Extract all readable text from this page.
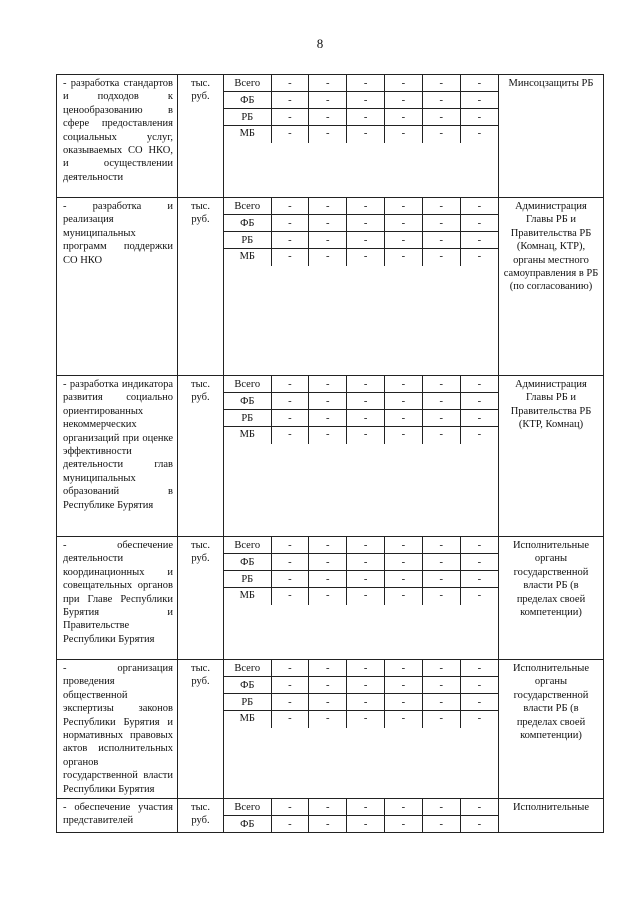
8
- разработка стандартов и подходов к ценообразованию в сфере предоставления социальных услуг, оказываемых СО НКО, и осуществлении деятельности

тыс. руб.

Всего	-	-	-	-	-	-
ФБ	-	-	-	-	-	-
РБ	-	-	-	-	-	-
МБ	-	-	-	-	-	-

Минсоцзащиты РБ

- разработка и реализация муниципальных программ поддержки СО НКО

тыс. руб.

Всего	-	-	-	-	-	-
ФБ	-	-	-	-	-	-
РБ	-	-	-	-	-	-
МБ	-	-	-	-	-	-

Администрация Главы РБ и Правительства РБ (Комнац, КТР), органы местного самоуправления в РБ (по согласованию)

- разработка индикатора развития социально ориентированных некоммерческих организаций при оценке эффективности деятельности глав муниципальных образований в Республике Бурятия

тыс. руб.

Всего	-	-	-	-	-	-
ФБ	-	-	-	-	-	-
РБ	-	-	-	-	-	-
МБ	-	-	-	-	-	-

Администрация Главы РБ и Правительства РБ (КТР, Комнац)

- обеспечение деятельности координационных и совещательных органов при Главе Республики Бурятия и Правительстве Республики Бурятия

тыс. руб.

Всего	-	-	-	-	-	-
ФБ	-	-	-	-	-	-
РБ	-	-	-	-	-	-
МБ	-	-	-	-	-	-

Исполнительные органы государственной власти РБ (в пределах своей компетенции)

- организация проведения общественной экспертизы законов Республики Бурятия и нормативных правовых актов исполнительных органов государственной власти Республики Бурятия

тыс. руб.

Всего	-	-	-	-	-	-
ФБ	-	-	-	-	-	-
РБ	-	-	-	-	-	-
МБ	-	-	-	-	-	-

Исполнительные органы государственной власти РБ (в пределах своей компетенции)

- обеспечение участия представителей

тыс. руб.

Всего	-	-	-	-	-	-
ФБ	-	-	-	-	-	-

Исполнительные
